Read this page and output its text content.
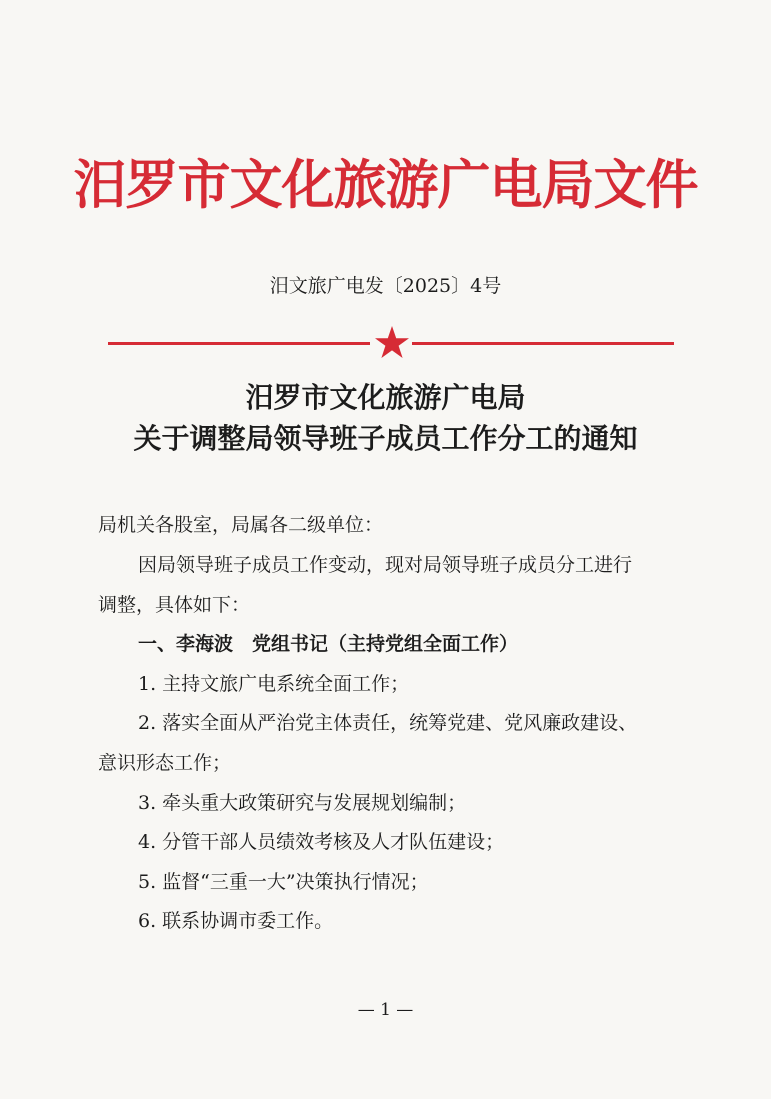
汨罗市文化旅游广电局文件
汨文旅广电发〔2025〕4号
汨罗市文化旅游广电局
关于调整局领导班子成员工作分工的通知
局机关各股室，局属各二级单位：
因局领导班子成员工作变动，现对局领导班子成员分工进行
调整，具体如下：
一、李海波　党组书记（主持党组全面工作）
1. 主持文旅广电系统全面工作；
2. 落实全面从严治党主体责任，统筹党建、党风廉政建设、
意识形态工作；
3. 牵头重大政策研究与发展规划编制；
4. 分管干部人员绩效考核及人才队伍建设；
5. 监督“三重一大”决策执行情况；
6. 联系协调市委工作。
— 1 —
